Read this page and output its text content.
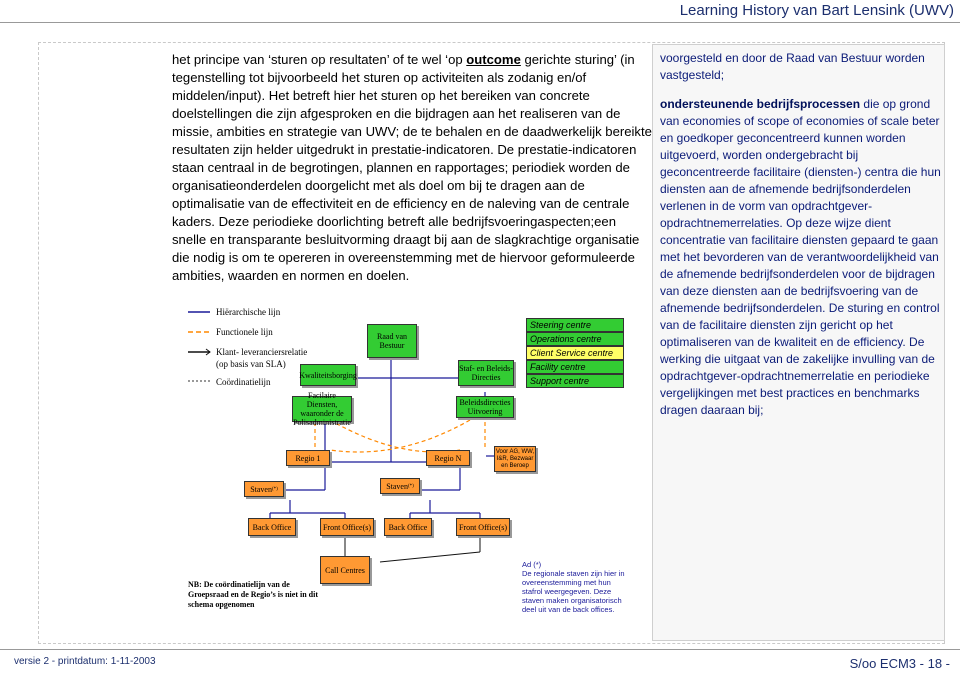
Learning History van Bart Lensink (UWV)
het principe van ‘sturen op resultaten’ of te wel ‘op outcome gerichte sturing’ (in tegenstelling tot bijvoorbeeld het sturen op activiteiten als zodanig en/of middelen/input). Het betreft hier het sturen op het bereiken van concrete doelstellingen die zijn afgesproken en die bijdragen aan het realiseren van de missie, ambities en strategie van UWV; de te behalen en de daadwerkelijk bereikte resultaten zijn helder uitgedrukt in prestatie-indicatoren. De prestatie-indicatoren staan centraal in de begrotingen, plannen en rapportages; periodiek worden de organisatieonderdelen doorgelicht met als doel om bij te dragen aan de optimalisatie van de effectiviteit en de efficiency en de naleving van de centrale kaders. Deze periodieke doorlichting betreft alle bedrijfsvoeringaspecten;een snelle en transparante besluitvorming draagt bij aan de slagkrachtige organisatie die nodig is om te opereren in overeenstemming met de hiervoor geformuleerde ambities, waarden en normen en doelen.
voorgesteld en door de Raad van Bestuur worden vastgesteld;
ondersteunende bedrijfsprocessen die op grond van economies of scope of economies of scale beter en goedkoper geconcentreerd kunnen worden uitgevoerd, worden ondergebracht bij geconcentreerde facilitaire (diensten-) centra die hun diensten aan de afnemende bedrijfsonderdelen verlenen in de vorm van opdrachtgever-opdrachtnemerrelaties. Op deze wijze dient concentratie van facilitaire diensten gepaard te gaan met het bevorderen van de verantwoordelijkheid van de afnemende bedrijfsonderdelen voor de bijdragen van deze diensten aan de bedrijfsvoering van de afnemende bedrijfsonderdelen. De sturing en control van de facilitaire diensten zijn gericht op het optimaliseren van de kwaliteit en de efficiency. De werking die uitgaat van de zakelijke invulling van de opdrachtgever-opdrachtnemerrelatie en periodieke vergelijkingen met best practices en benchmarks dragen daaraan bij;
Hiërarchische lijn
Functionele lijn
Klant- leveranciersrelatie
(op basis van SLA)
Coördinatielijn
Raad van Bestuur
Kwaliteitsborging
Staf- en Beleids-Directies
Steering centre
Operations centre
Client Service centre
Facility centre
Support centre
Facilaire Diensten, waaronder de Polisadministratie
Beleidsdirecties Uitvoering
Regio 1	Regio N
Voor AG, WW, I&R, Bezwaar en Beroep
Staven (*)	Staven (*)
Back Office	Front Office(s)	Back Office	Front Office(s)
Call Centres
NB: De coördinatielijn van de Groepsraad en de Regio’s is niet in dit schema opgenomen
Ad (*)
De regionale staven zijn hier in overeenstemming met hun stafrol weergegeven. Deze staven maken organisatorisch deel uit van de back offices.
versie 2 - printdatum: 1-11-2003	S/oo ECM3 - 18 -
